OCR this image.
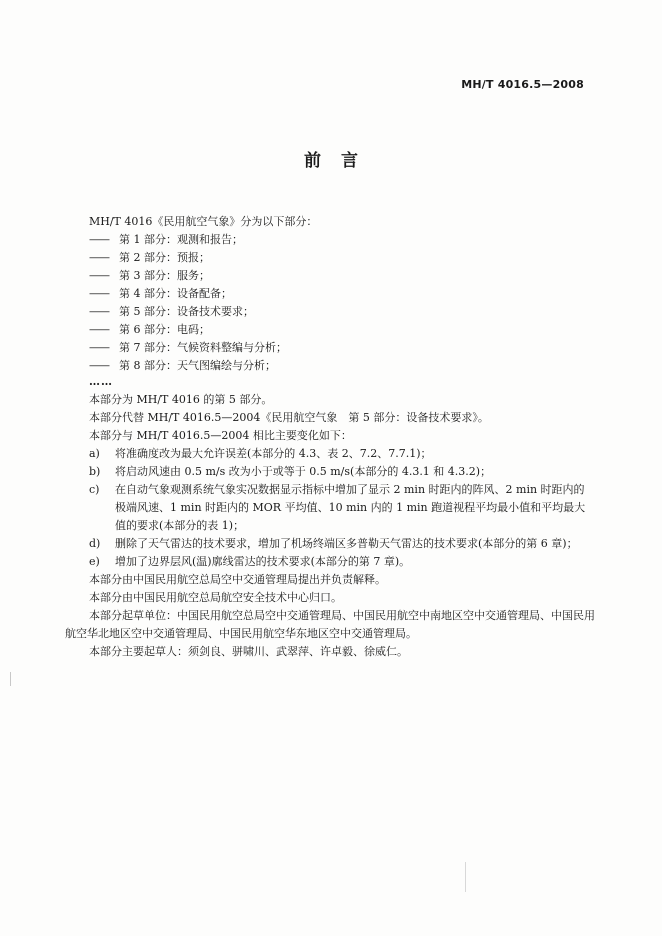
MH/T 4016.5—2008
前言
MH/T 4016《民用航空气象》分为以下部分：
—— 第 1 部分：观测和报告；
—— 第 2 部分：预报；
—— 第 3 部分：服务；
—— 第 4 部分：设备配备；
—— 第 5 部分：设备技术要求；
—— 第 6 部分：电码；
—— 第 7 部分：气候资料整编与分析；
—— 第 8 部分：天气图编绘与分析；
……
本部分为 MH/T 4016 的第 5 部分。
本部分代替 MH/T 4016.5—2004《民用航空气象　第 5 部分：设备技术要求》。
本部分与 MH/T 4016.5—2004 相比主要变化如下：
a) 将准确度改为最大允许误差(本部分的 4.3、表 2、7.2、7.7.1)；
b) 将启动风速由 0.5 m/s 改为小于或等于 0.5 m/s(本部分的 4.3.1 和 4.3.2)；
c) 在自动气象观测系统气象实况数据显示指标中增加了显示 2 min 时距内的阵风、2 min 时距内的极端风速、1 min 时距内的 MOR 平均值、10 min 内的 1 min 跑道视程平均最小值和平均最大值的要求(本部分的表 1)；
d) 删除了天气雷达的技术要求，增加了机场终端区多普勒天气雷达的技术要求(本部分的第 6 章)；
e) 增加了边界层风(温)廓线雷达的技术要求(本部分的第 7 章)。
本部分由中国民用航空总局空中交通管理局提出并负责解释。
本部分由中国民用航空总局航空安全技术中心归口。
本部分起草单位：中国民用航空总局空中交通管理局、中国民用航空中南地区空中交通管理局、中国民用航空华北地区空中交通管理局、中国民用航空华东地区空中交通管理局。
本部分主要起草人：须剑良、骈啸川、武翠萍、许卓毅、徐威仁。
